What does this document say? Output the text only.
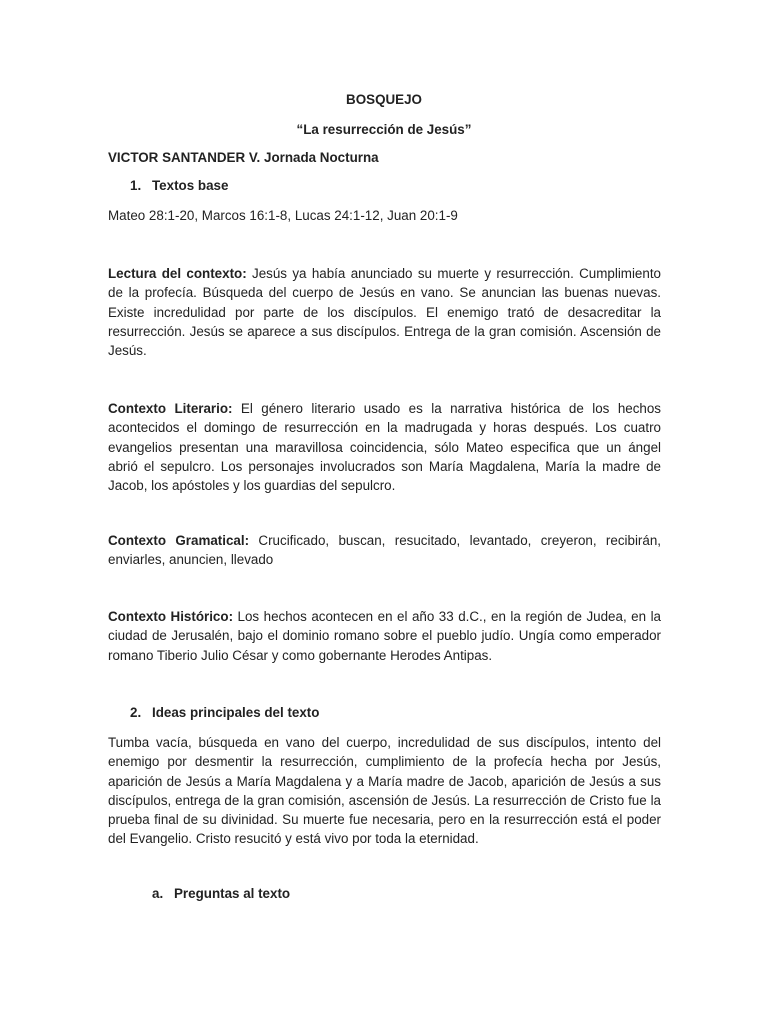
BOSQUEJO
“La resurrección de Jesús”
VICTOR SANTANDER V. Jornada Nocturna
1. Textos base
Mateo 28:1-20, Marcos 16:1-8, Lucas 24:1-12, Juan 20:1-9
Lectura del contexto: Jesús ya había anunciado su muerte y resurrección. Cumplimiento de la profecía. Búsqueda del cuerpo de Jesús en vano. Se anuncian las buenas nuevas. Existe incredulidad por parte de los discípulos. El enemigo trató de desacreditar la resurrección. Jesús se aparece a sus discípulos. Entrega de la gran comisión. Ascensión de Jesús.
Contexto Literario: El género literario usado es la narrativa histórica de los hechos acontecidos el domingo de resurrección en la madrugada y horas después. Los cuatro evangelios presentan una maravillosa coincidencia, sólo Mateo especifica que un ángel abrió el sepulcro. Los personajes involucrados son María Magdalena, María la madre de Jacob, los apóstoles y los guardias del sepulcro.
Contexto Gramatical: Crucificado, buscan, resucitado, levantado, creyeron, recibirán, enviarles, anuncien, llevado
Contexto Histórico: Los hechos acontecen en el año 33 d.C., en la región de Judea, en la ciudad de Jerusalén, bajo el dominio romano sobre el pueblo judío. Ungía como emperador romano Tiberio Julio César y como gobernante Herodes Antipas.
2. Ideas principales del texto
Tumba vacía, búsqueda en vano del cuerpo, incredulidad de sus discípulos, intento del enemigo por desmentir la resurrección, cumplimiento de la profecía hecha por Jesús, aparición de Jesús a María Magdalena y a María madre de Jacob, aparición de Jesús a sus discípulos, entrega de la gran comisión, ascensión de Jesús. La resurrección de Cristo fue la prueba final de su divinidad. Su muerte fue necesaria, pero en la resurrección está el poder del Evangelio. Cristo resucitó y está vivo por toda la eternidad.
a. Preguntas al texto
